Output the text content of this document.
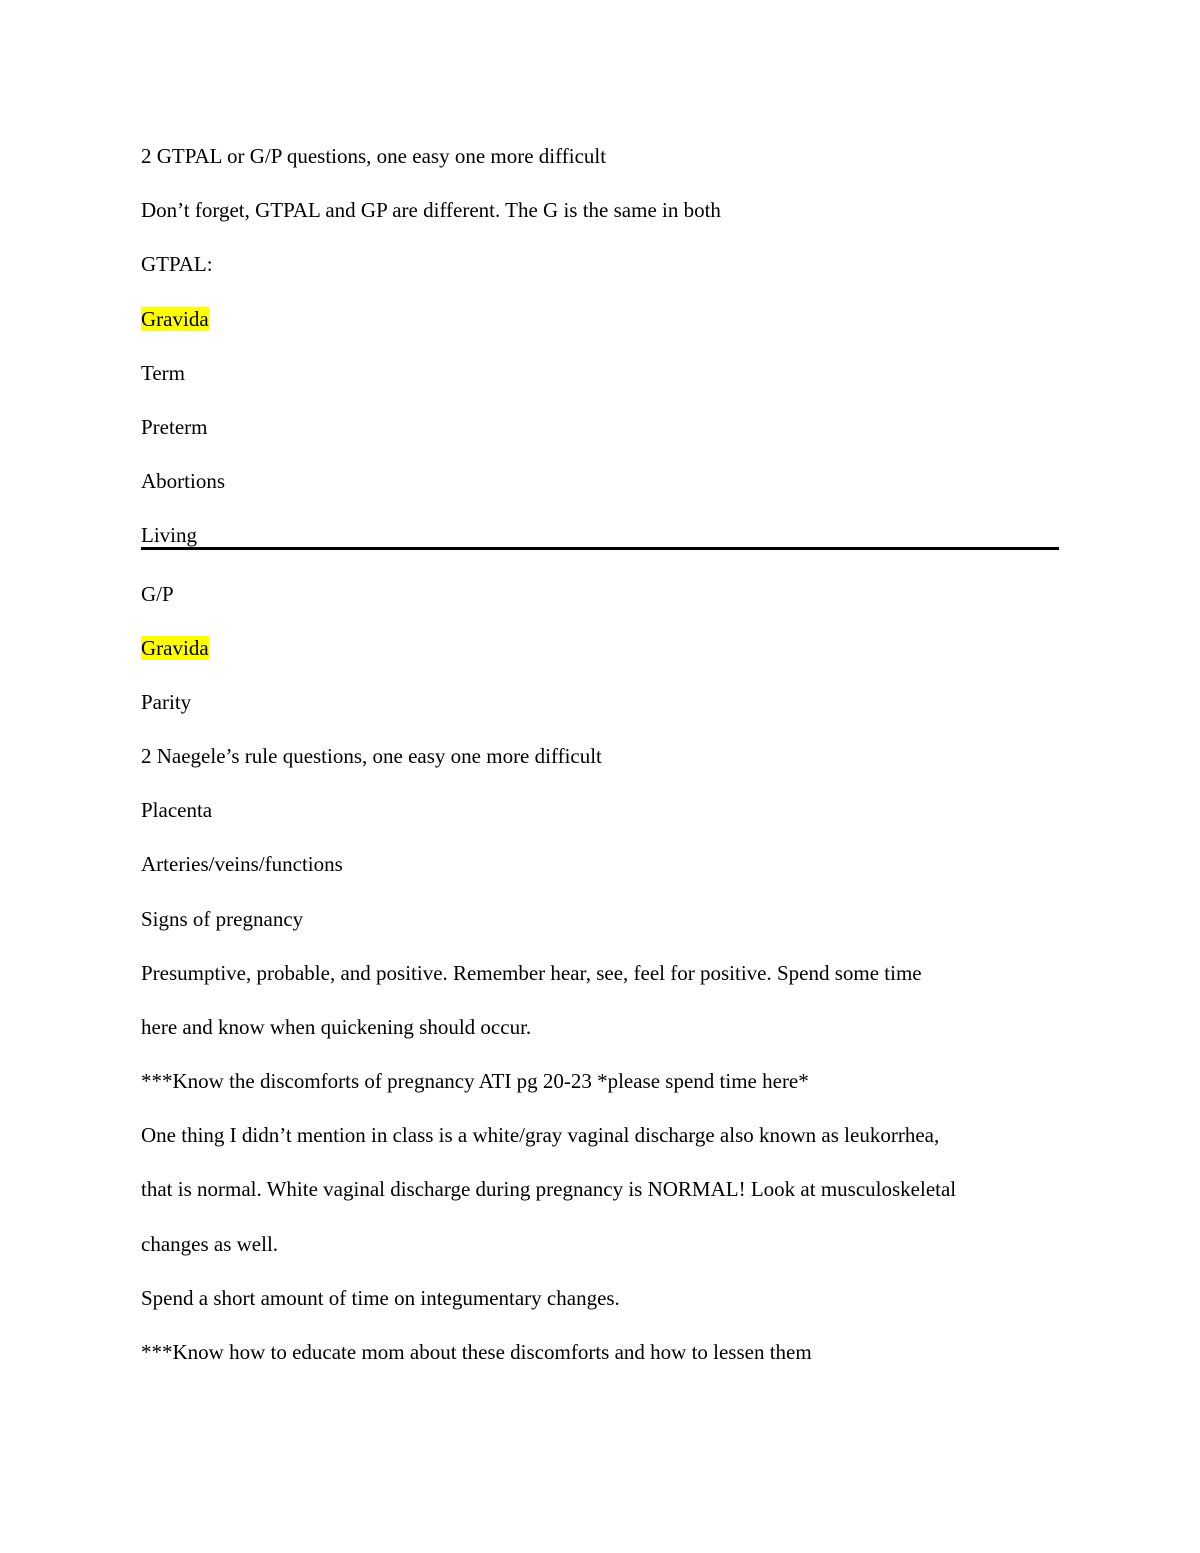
2 GTPAL or G/P questions, one easy one more difficult
Don’t forget, GTPAL and GP are different. The G is the same in both
GTPAL:
Gravida
Term
Preterm
Abortions
Living
G/P
Gravida
Parity
2 Naegele’s rule questions, one easy one more difficult
Placenta
Arteries/veins/functions
Signs of pregnancy
Presumptive, probable, and positive. Remember hear, see, feel for positive. Spend some time
here and know when quickening should occur.
***Know the discomforts of pregnancy ATI pg 20-23 *please spend time here*
One thing I didn’t mention in class is a white/gray vaginal discharge also known as leukorrhea,
that is normal. White vaginal discharge during pregnancy is NORMAL! Look at musculoskeletal
changes as well.
Spend a short amount of time on integumentary changes.
***Know how to educate mom about these discomforts and how to lessen them
